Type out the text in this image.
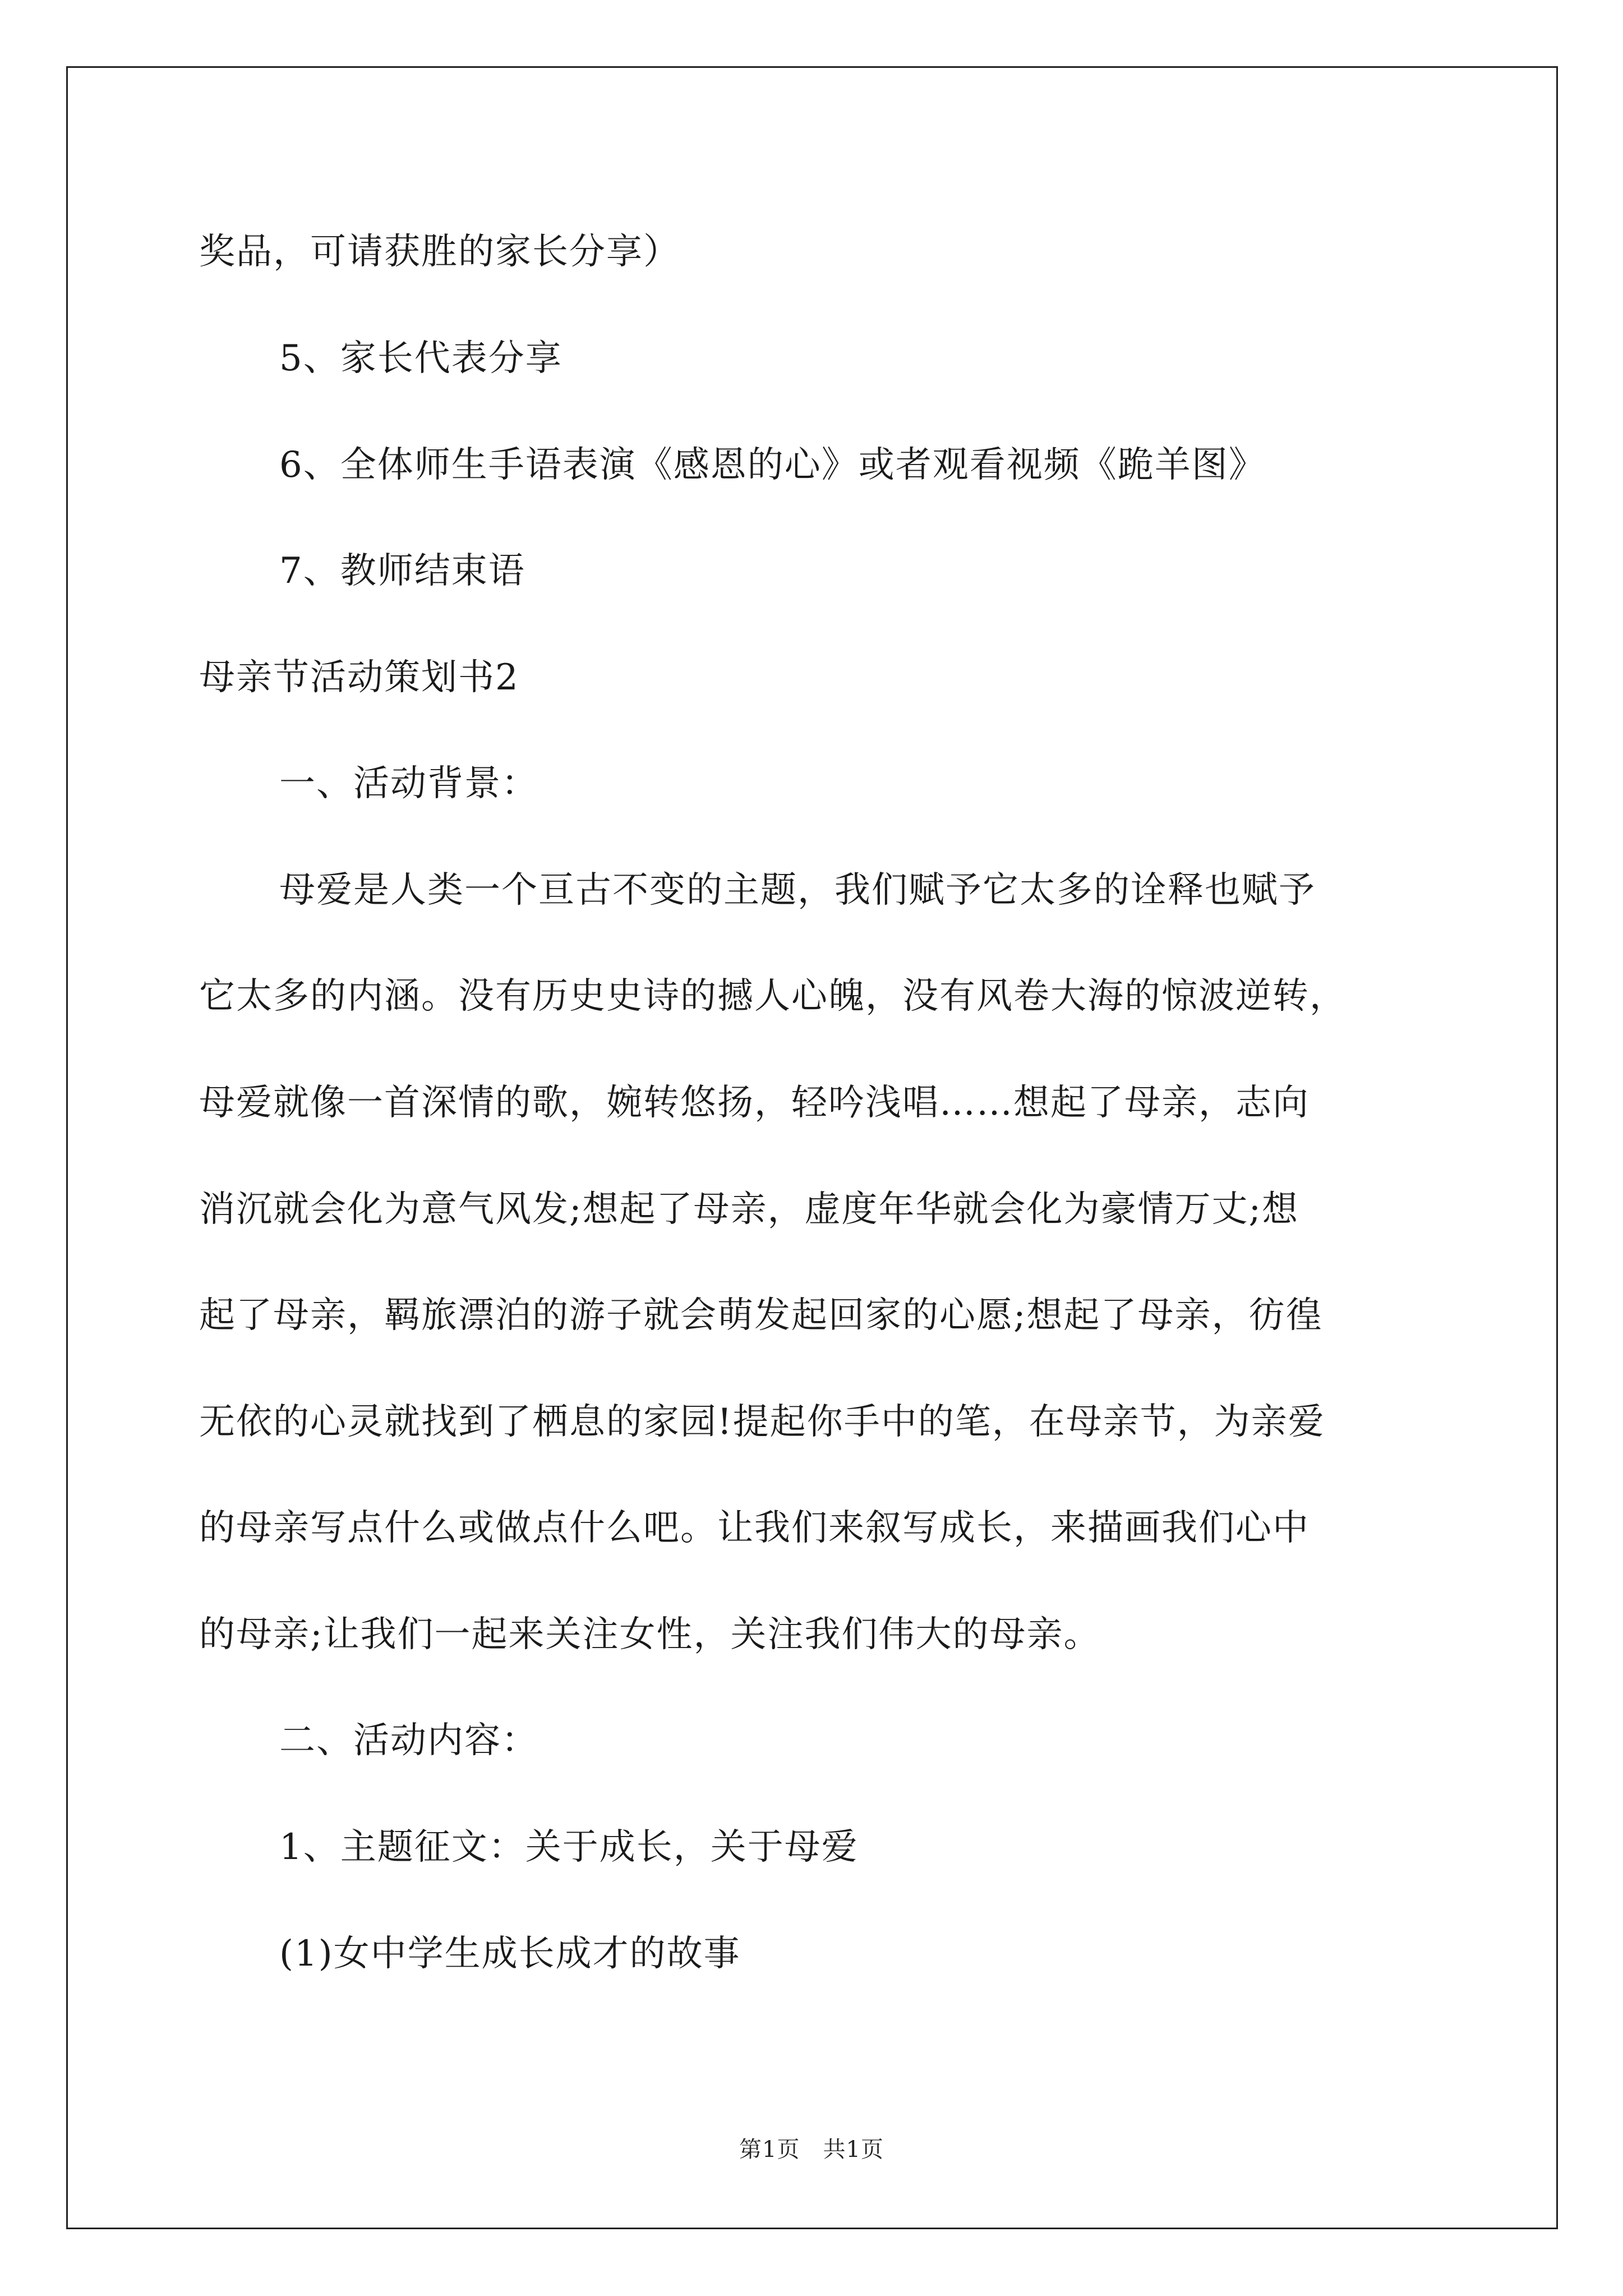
奖品，可请获胜的家长分享）
5、家长代表分享
6、全体师生手语表演《感恩的心》或者观看视频《跪羊图》
7、教师结束语
母亲节活动策划书2
一、活动背景：
母爱是人类一个亘古不变的主题，我们赋予它太多的诠释也赋予
它太多的内涵。没有历史史诗的撼人心魄，没有风卷大海的惊波逆转，
母爱就像一首深情的歌，婉转悠扬，轻吟浅唱……想起了母亲，志向
消沉就会化为意气风发;想起了母亲，虚度年华就会化为豪情万丈;想
起了母亲，羁旅漂泊的游子就会萌发起回家的心愿;想起了母亲，彷徨
无依的心灵就找到了栖息的家园!提起你手中的笔，在母亲节，为亲爱
的母亲写点什么或做点什么吧。让我们来叙写成长，来描画我们心中
的母亲;让我们一起来关注女性，关注我们伟大的母亲。
二、活动内容：
1、主题征文：关于成长，关于母爱
(1)女中学生成长成才的故事
第1页　共1页
